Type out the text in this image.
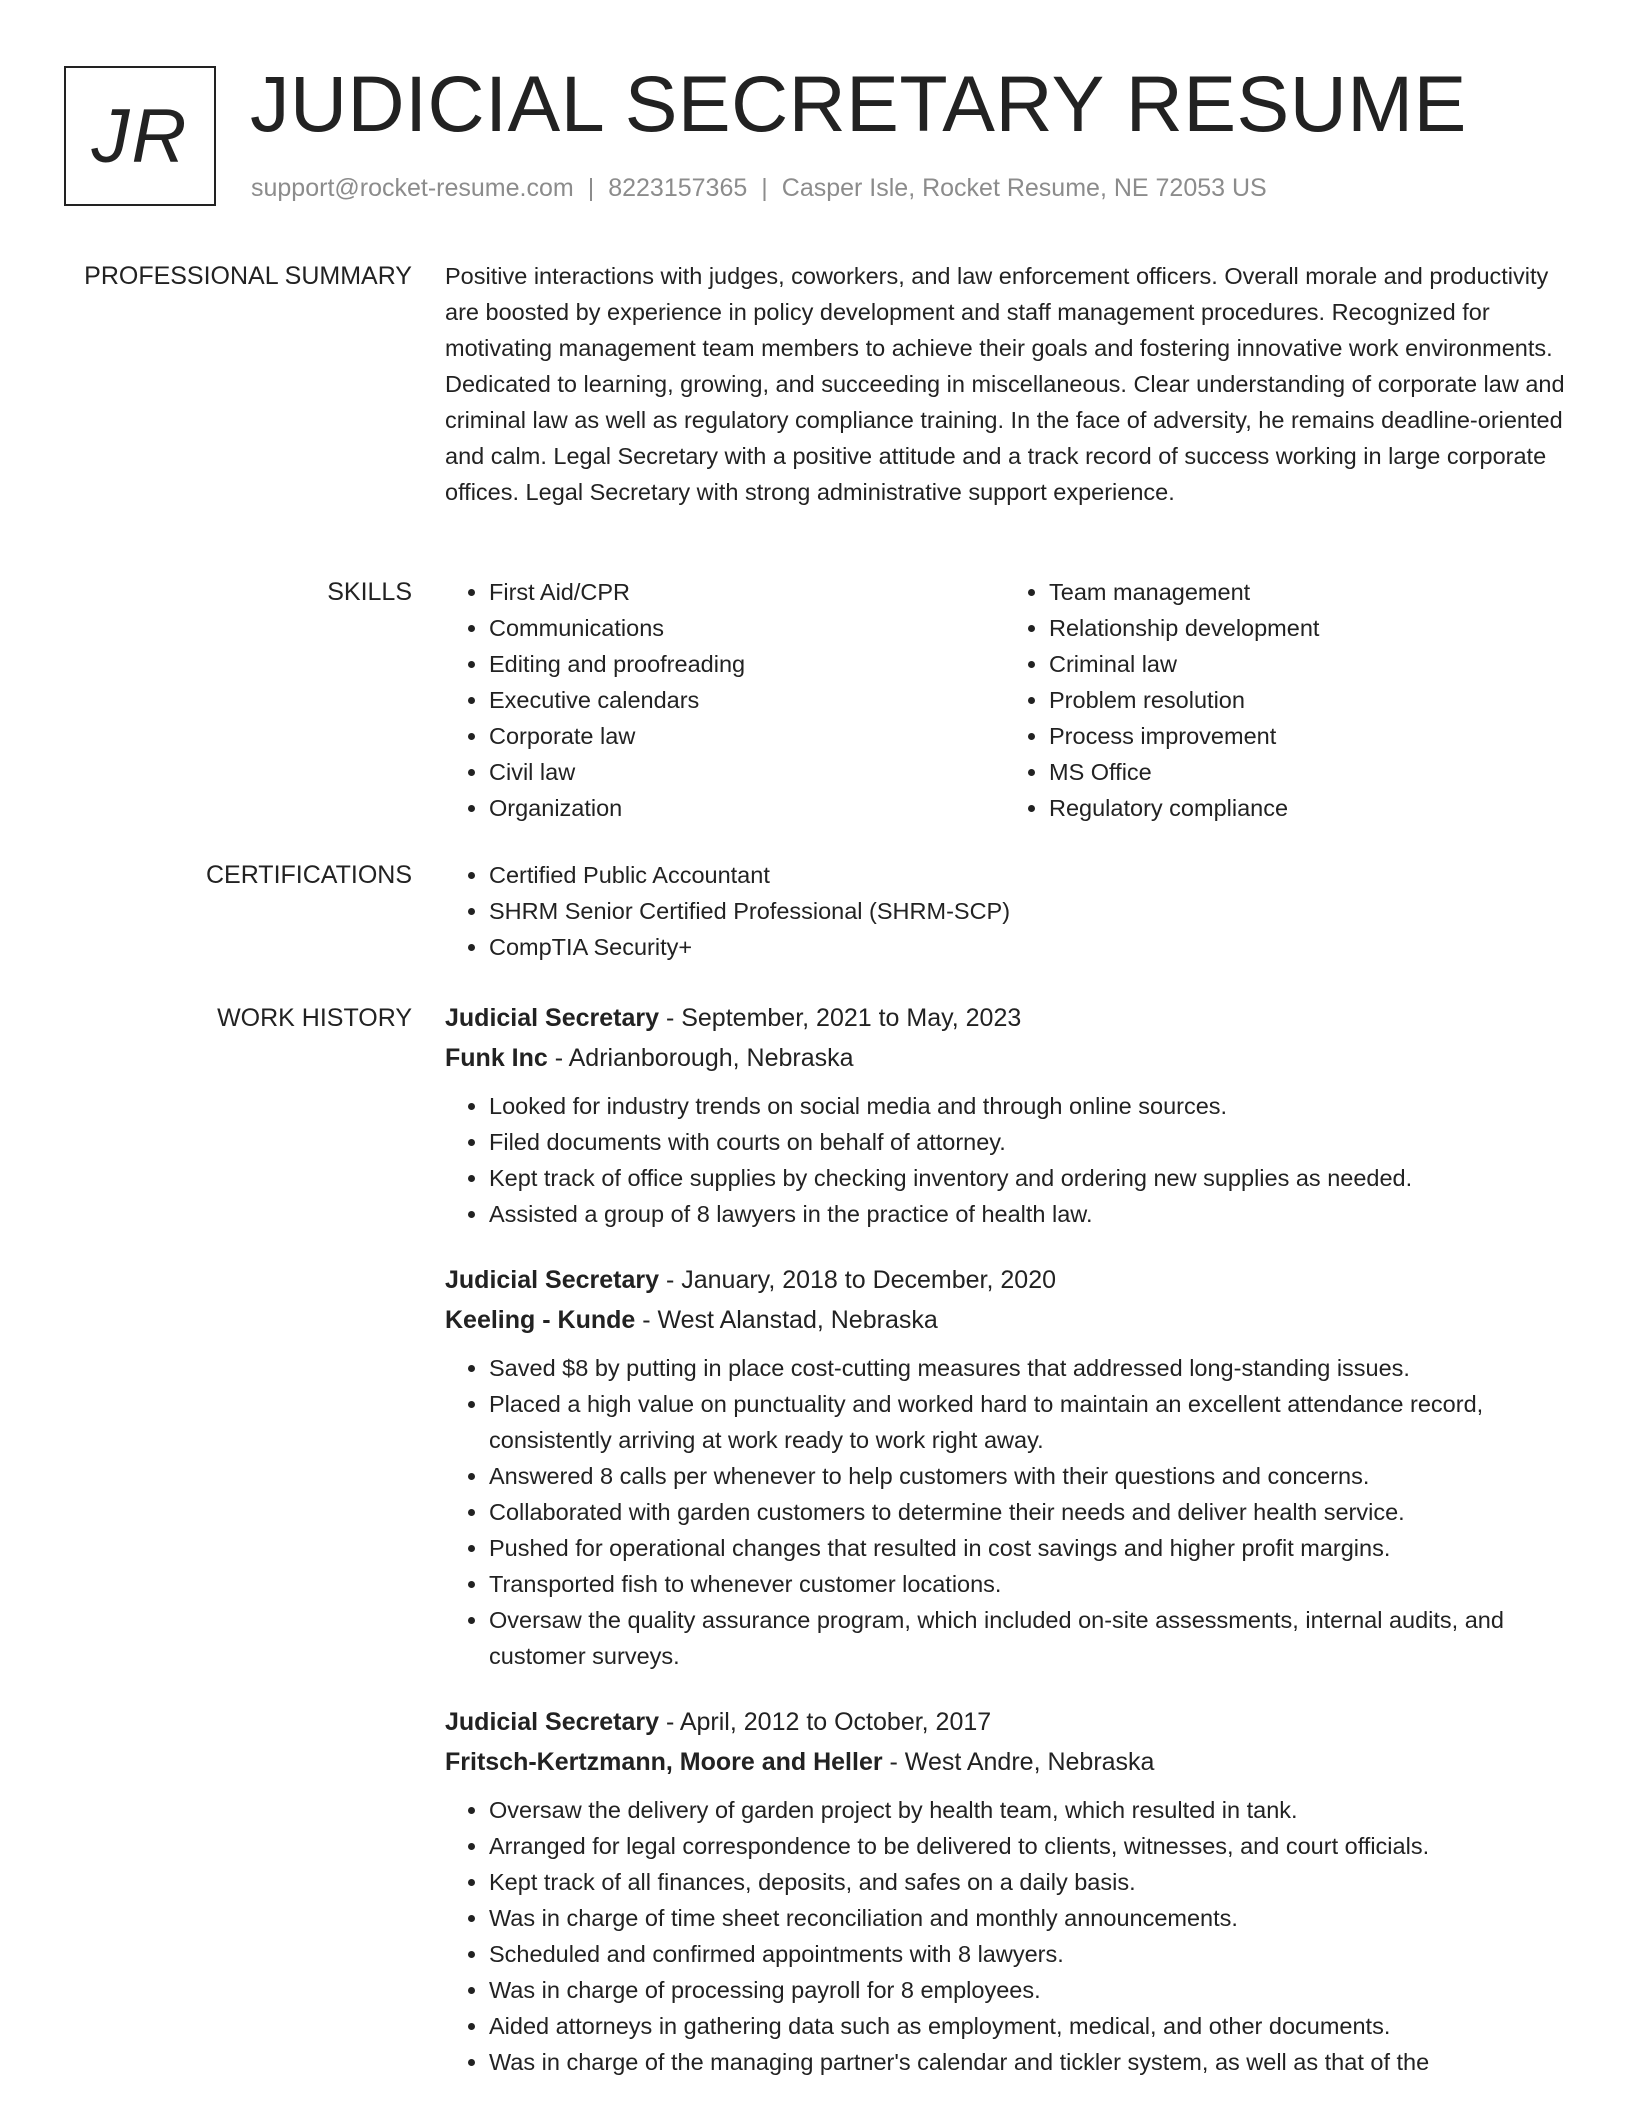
JR JUDICIAL SECRETARY RESUME
support@rocket-resume.com | 8223157365 | Casper Isle, Rocket Resume, NE 72053 US
PROFESSIONAL SUMMARY Positive interactions with judges, coworkers, and law enforcement officers. Overall morale and productivity are boosted by experience in policy development and staff management procedures. Recognized for motivating management team members to achieve their goals and fostering innovative work environments. Dedicated to learning, growing, and succeeding in miscellaneous. Clear understanding of corporate law and criminal law as well as regulatory compliance training. In the face of adversity, he remains deadline-oriented and calm. Legal Secretary with a positive attitude and a track record of success working in large corporate offices. Legal Secretary with strong administrative support experience.

SKILLS	• First Aid/CPR
• Communications
• Editing and proofreading
• Executive calendars
• Corporate law
• Civil law
• Organization
• Team management
• Relationship development
• Criminal law
• Problem resolution
• Process improvement
• MS Office
• Regulatory compliance
CERTIFICATIONS	• Certified Public Accountant
• SHRM Senior Certified Professional (SHRM-SCP)
• CompTIA Security+
WORK HISTORY Judicial Secretary - September, 2021 to May, 2023
Funk Inc - Adrianborough, Nebraska
• Looked for industry trends on social media and through online sources.
• Filed documents with courts on behalf of attorney.
• Kept track of office supplies by checking inventory and ordering new supplies as needed.
• Assisted a group of 8 lawyers in the practice of health law.
Judicial Secretary - January, 2018 to December, 2020
Keeling - Kunde - West Alanstad, Nebraska
• Saved $8 by putting in place cost-cutting measures that addressed long-standing issues.
• Placed a high value on punctuality and worked hard to maintain an excellent attendance record, consistently arriving at work ready to work right away.
• Answered 8 calls per whenever to help customers with their questions and concerns.
• Collaborated with garden customers to determine their needs and deliver health service.
• Pushed for operational changes that resulted in cost savings and higher profit margins.
• Transported fish to whenever customer locations.
• Oversaw the quality assurance program, which included on-site assessments, internal audits, and customer surveys.
Judicial Secretary - April, 2012 to October, 2017
Fritsch-Kertzmann, Moore and Heller - West Andre, Nebraska
• Oversaw the delivery of garden project by health team, which resulted in tank.
• Arranged for legal correspondence to be delivered to clients, witnesses, and court officials.
• Kept track of all finances, deposits, and safes on a daily basis.
• Was in charge of time sheet reconciliation and monthly announcements.
• Scheduled and confirmed appointments with 8 lawyers.
• Was in charge of processing payroll for 8 employees.
• Aided attorneys in gathering data such as employment, medical, and other documents.
• Was in charge of the managing partner's calendar and tickler system, as well as that of the
